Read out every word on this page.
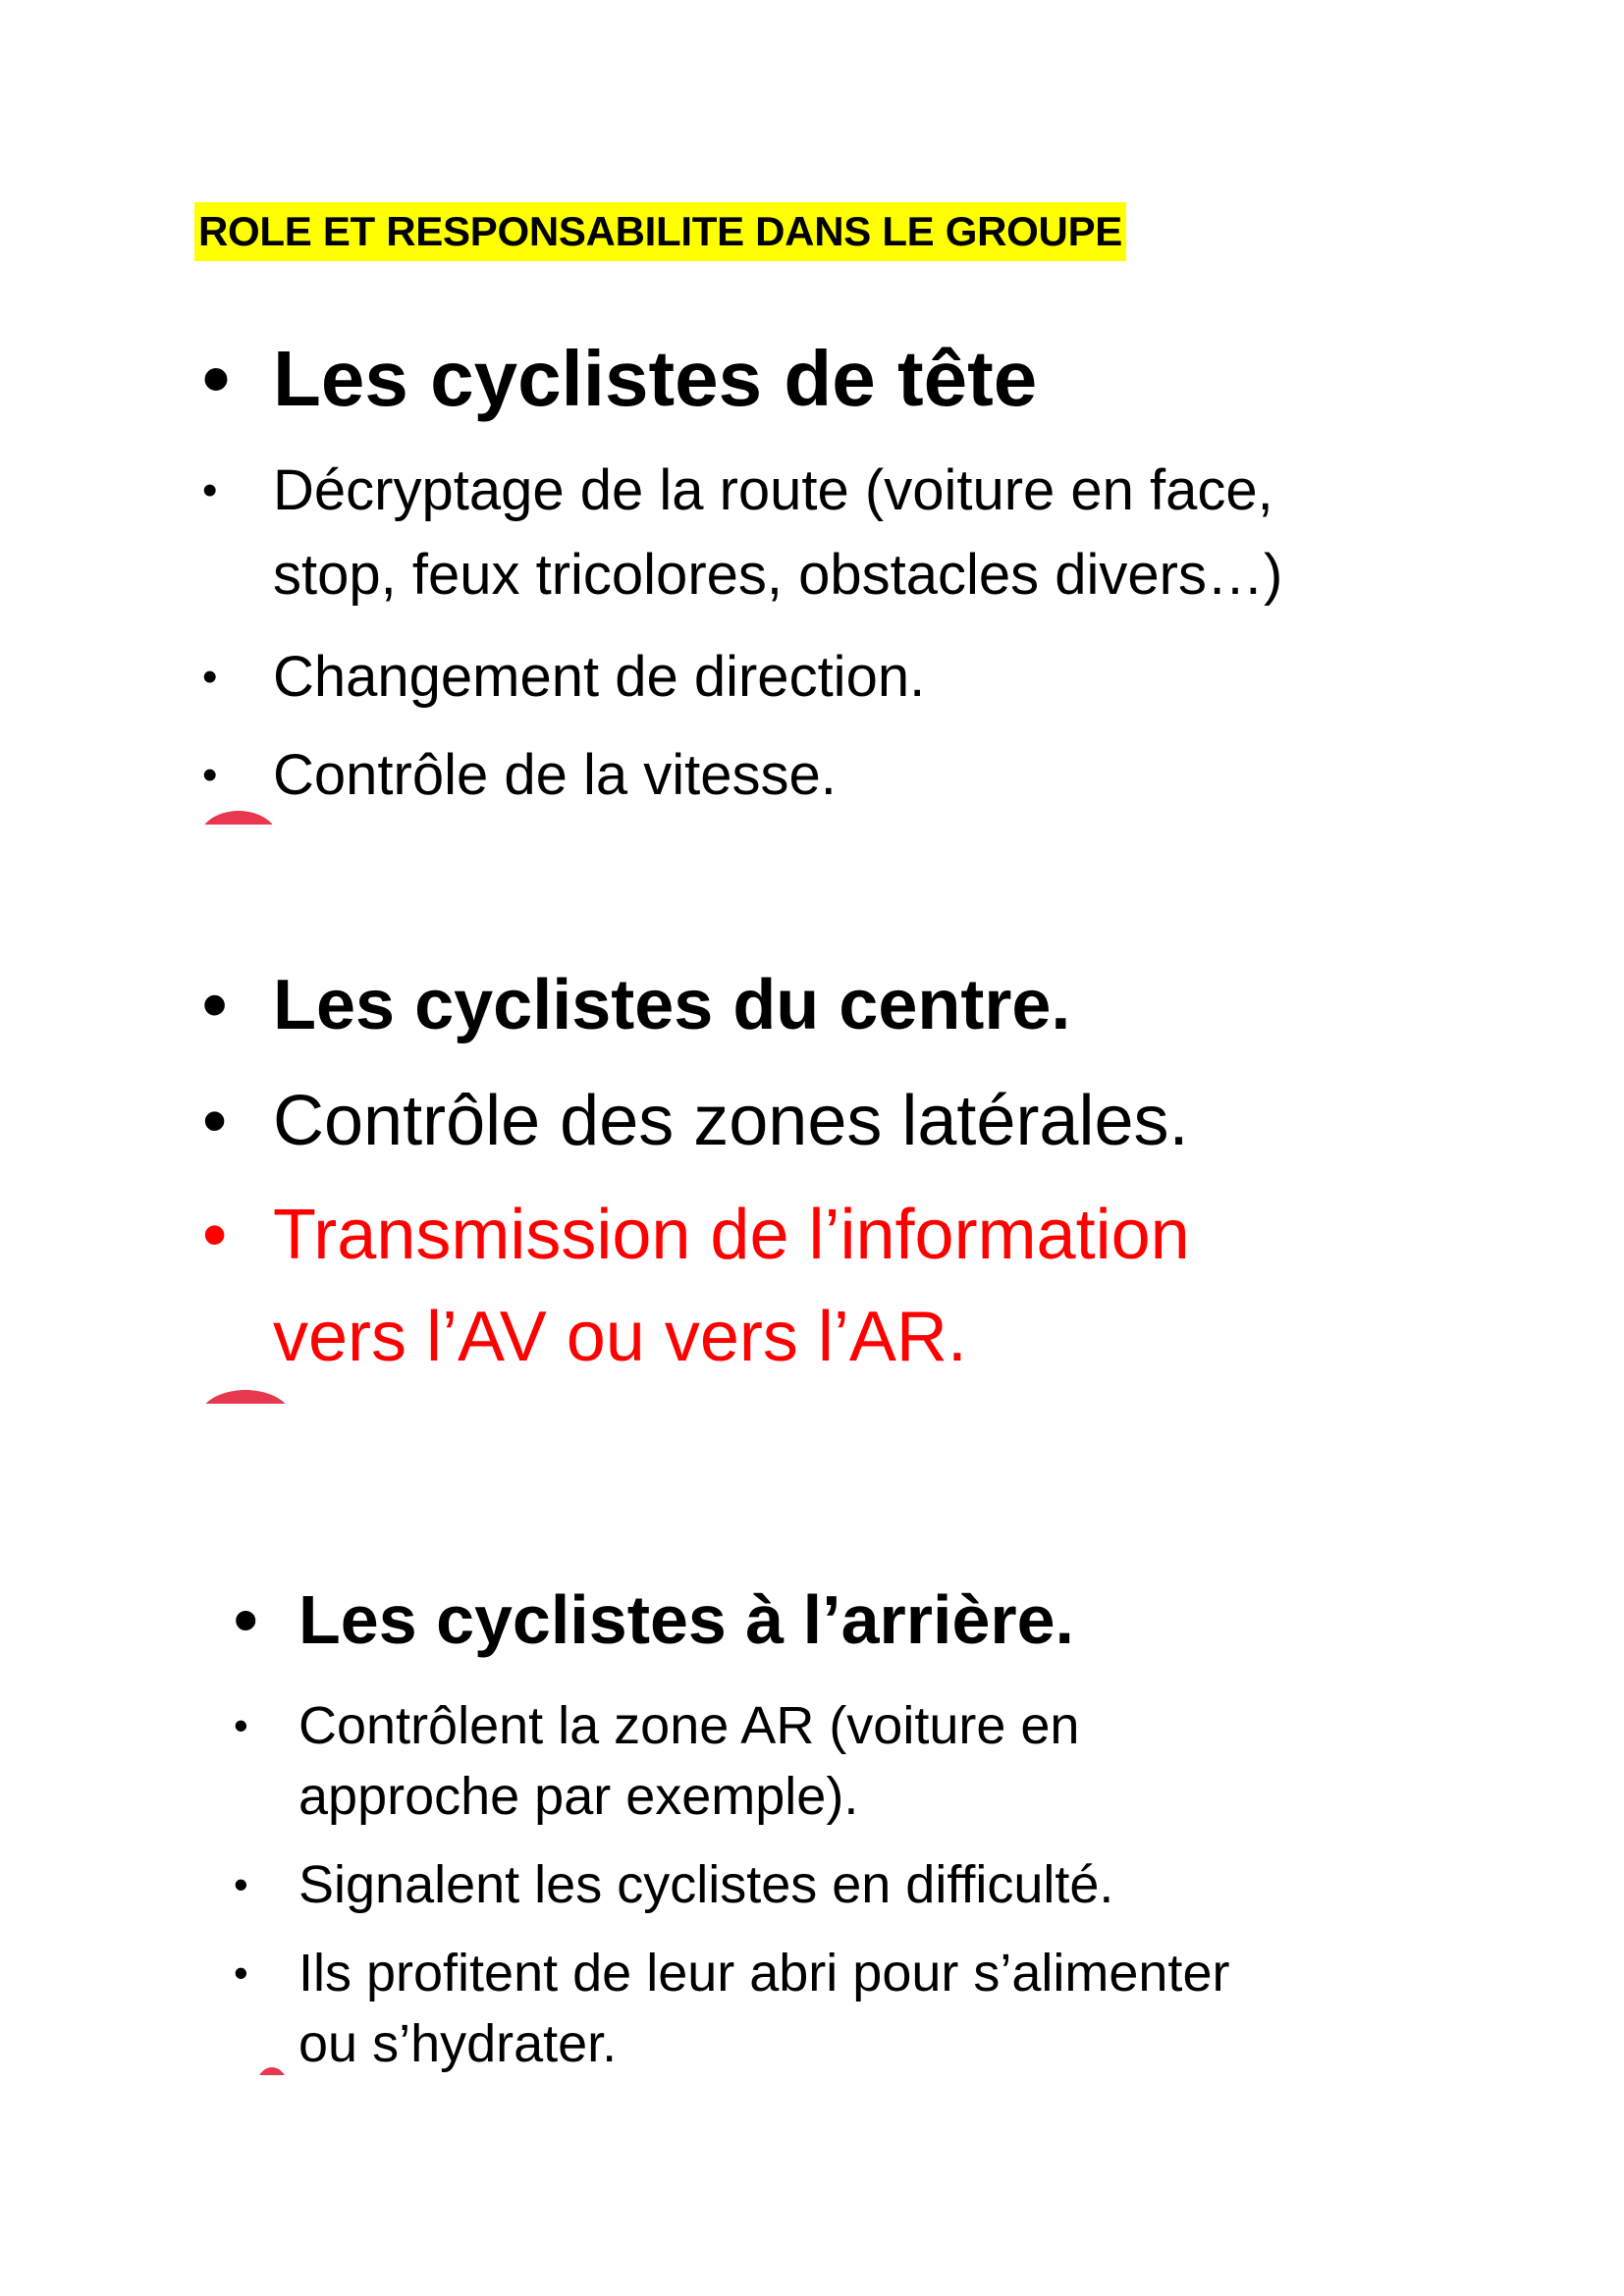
ROLE ET RESPONSABILITE DANS LE GROUPE
• Les cyclistes de tête
• Décryptage de la route (voiture en face,
stop, feux tricolores, obstacles divers…)
• Changement de direction.
• Contrôle de la vitesse.
• Les cyclistes du centre.
• Contrôle des zones latérales.
• Transmission de l’information
vers l’AV ou vers l’AR.
• Les cyclistes à l’arrière.
• Contrôlent la zone AR (voiture en
approche par exemple).
• Signalent les cyclistes en difficulté.
• Ils profitent de leur abri pour s’alimenter
ou s’hydrater.
